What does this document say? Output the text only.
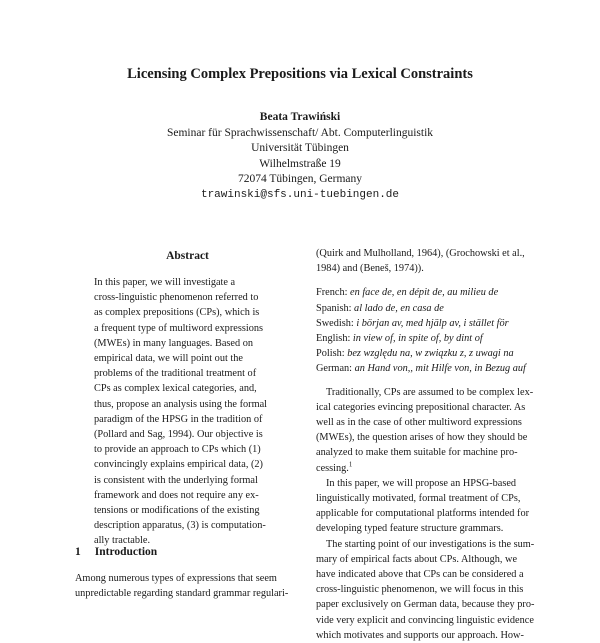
Licensing Complex Prepositions via Lexical Constraints
Beata Trawiński
Seminar für Sprachwissenschaft/ Abt. Computerlinguistik
Universität Tübingen
Wilhelmstraße 19
72074 Tübingen, Germany
trawinski@sfs.uni-tuebingen.de
Abstract
In this paper, we will investigate a
cross-linguistic phenomenon referred to
as complex prepositions (CPs), which is
a frequent type of multiword expressions
(MWEs) in many languages. Based on
empirical data, we will point out the
problems of the traditional treatment of
CPs as complex lexical categories, and,
thus, propose an analysis using the formal
paradigm of the HPSG in the tradition of
(Pollard and Sag, 1994). Our objective is
to provide an approach to CPs which (1)
convincingly explains empirical data, (2)
is consistent with the underlying formal
framework and does not require any ex-
tensions or modifications of the existing
description apparatus, (3) is computation-
ally tractable.
1 Introduction
Among numerous types of expressions that seem
unpredictable regarding standard grammar regulari-

(Quirk and Mulholland, 1964), (Grochowski et al.,
1984) and (Beneš, 1974)).

French: en face de, en dépit de, au milieu de
Spanish: al lado de, en casa de
Swedish: i början av, med hjälp av, i stället för
English: in view of, in spite of, by dint of
Polish: bez względu na, w związku z, z uwagi na
German: an Hand von,, mit Hilfe von, in Bezug auf

Traditionally, CPs are assumed to be complex lex-
ical categories evincing prepositional character. As
well as in the case of other multiword expressions
(MWEs), the question arises of how they should be
analyzed to make them suitable for machine pro-
cessing.$^1$

In this paper, we will propose an HPSG-based
linguistically motivated, formal treatment of CPs,
applicable for computational platforms intended for
developing typed feature structure grammars.

The starting point of our investigations is the sum-
mary of empirical facts about CPs. Although, we
have indicated above that CPs can be considered a
cross-linguistic phenomenon, we will focus in this
paper exclusively on German data, because they pro-
vide very explicit and convincing linguistic evidence
which motivates and supports our approach. How-
